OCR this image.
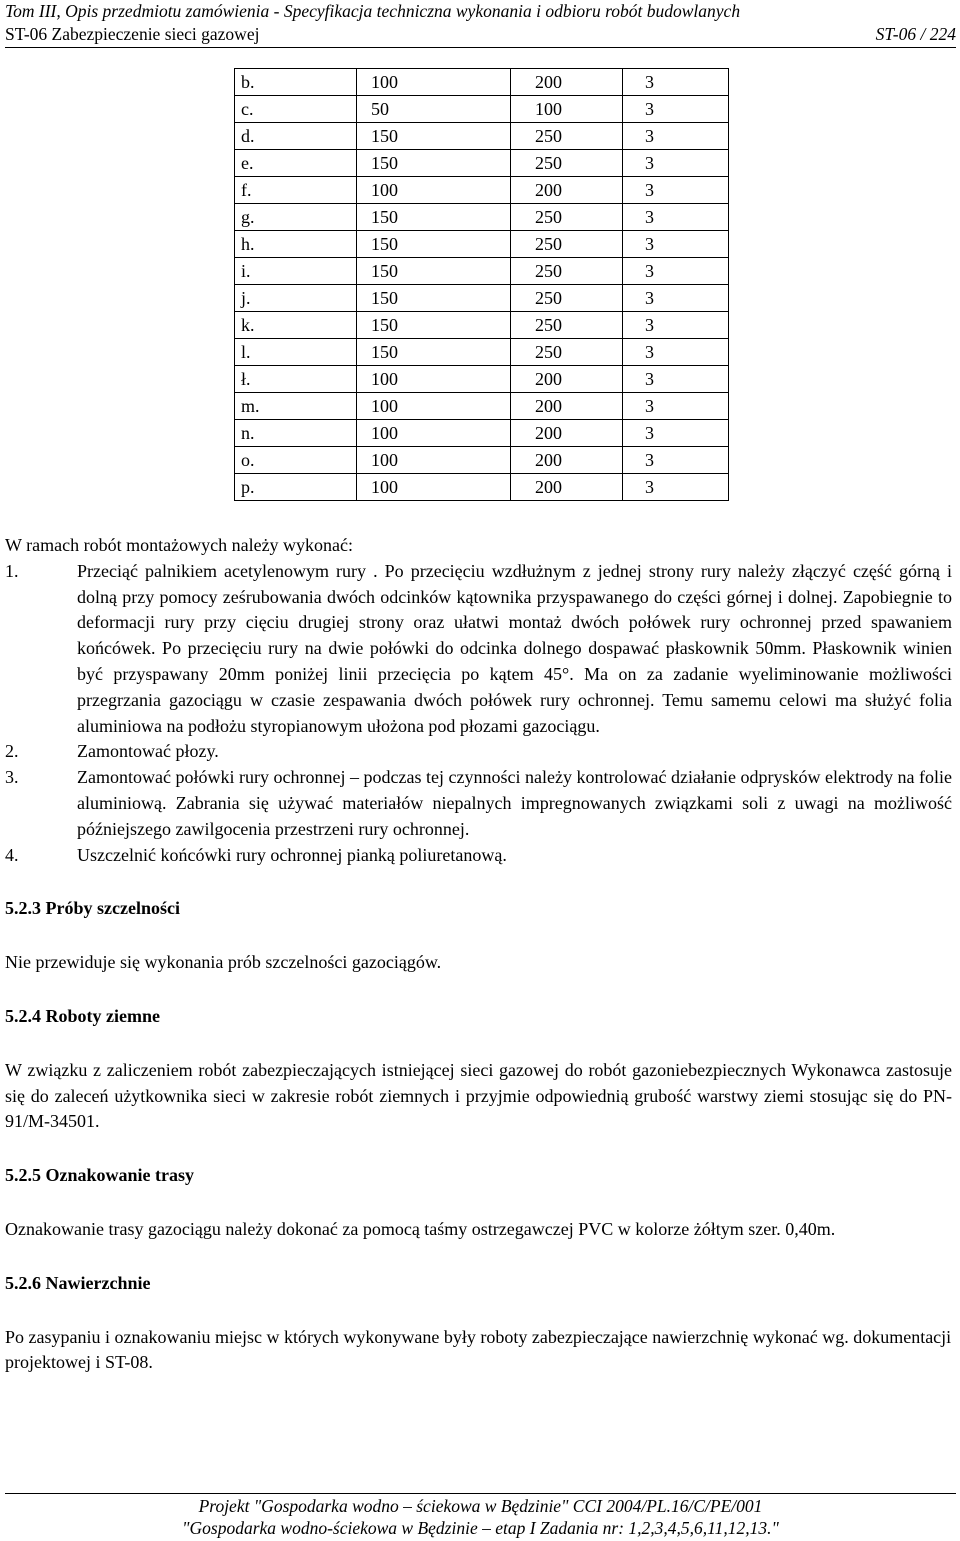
Tom III, Opis przedmiotu zamówienia - Specyfikacja techniczna wykonania i odbioru robót budowlanych
ST-06 Zabezpieczenie sieci gazowej	ST-06 / 224
b.	100	200	3
c.	50	100	3
d.	150	250	3
e.	150	250	3
f.	100	200	3
g.	150	250	3
h.	150	250	3
i.	150	250	3
j.	150	250	3
k.	150	250	3
l.	150	250	3
ł.	100	200	3
m.	100	200	3
n.	100	200	3
o.	100	200	3
p.	100	200	3

W ramach robót montażowych należy wykonać:

1.	Przeciąć palnikiem acetylenowym rury . Po przecięciu wzdłużnym z jednej strony rury należy złączyć część górną i dolną przy pomocy ześrubowania dwóch odcinków kątownika przyspawanego do części górnej i dolnej. Zapobiegnie to deformacji rury przy cięciu drugiej strony oraz ułatwi montaż dwóch połówek rury ochronnej przed spawaniem końcówek. Po przecięciu rury na dwie połówki do odcinka dolnego dospawać płaskownik 50mm. Płaskownik winien być przyspawany 20mm poniżej linii przecięcia po kątem 45°. Ma on za zadanie wyeliminowanie możliwości przegrzania gazociągu w czasie zespawania dwóch połówek rury ochronnej. Temu samemu celowi ma służyć folia aluminiowa na podłożu styropianowym ułożona pod płozami gazociągu.
2.	Zamontować płozy.
3.	Zamontować połówki rury ochronnej – podczas tej czynności należy kontrolować działanie odprysków elektrody na folie aluminiową. Zabrania się używać materiałów niepalnych impregnowanych związkami soli z uwagi na możliwość późniejszego zawilgocenia przestrzeni rury ochronnej.
4.	Uszczelnić końcówki rury ochronnej pianką poliuretanową.
5.2.3 Próby szczelności

Nie przewiduje się wykonania prób szczelności gazociągów.

5.2.4 Roboty ziemne

W związku z zaliczeniem robót zabezpieczających istniejącej sieci gazowej do robót gazoniebezpiecznych Wykonawca zastosuje się do zaleceń użytkownika sieci w zakresie robót ziemnych i przyjmie odpowiednią grubość warstwy ziemi stosując się do PN-91/M-34501.

5.2.5 Oznakowanie trasy

Oznakowanie trasy gazociągu należy dokonać za pomocą taśmy ostrzegawczej PVC w kolorze żółtym szer. 0,40m.

5.2.6 Nawierzchnie

Po zasypaniu i oznakowaniu miejsc w których wykonywane były roboty zabezpieczające nawierzchnię wykonać wg. dokumentacji projektowej i ST-08.

Projekt "Gospodarka wodno – ściekowa w Będzinie" CCI 2004/PL.16/C/PE/001
"Gospodarka wodno-ściekowa w Będzinie – etap I Zadania nr: 1,2,3,4,5,6,11,12,13."
